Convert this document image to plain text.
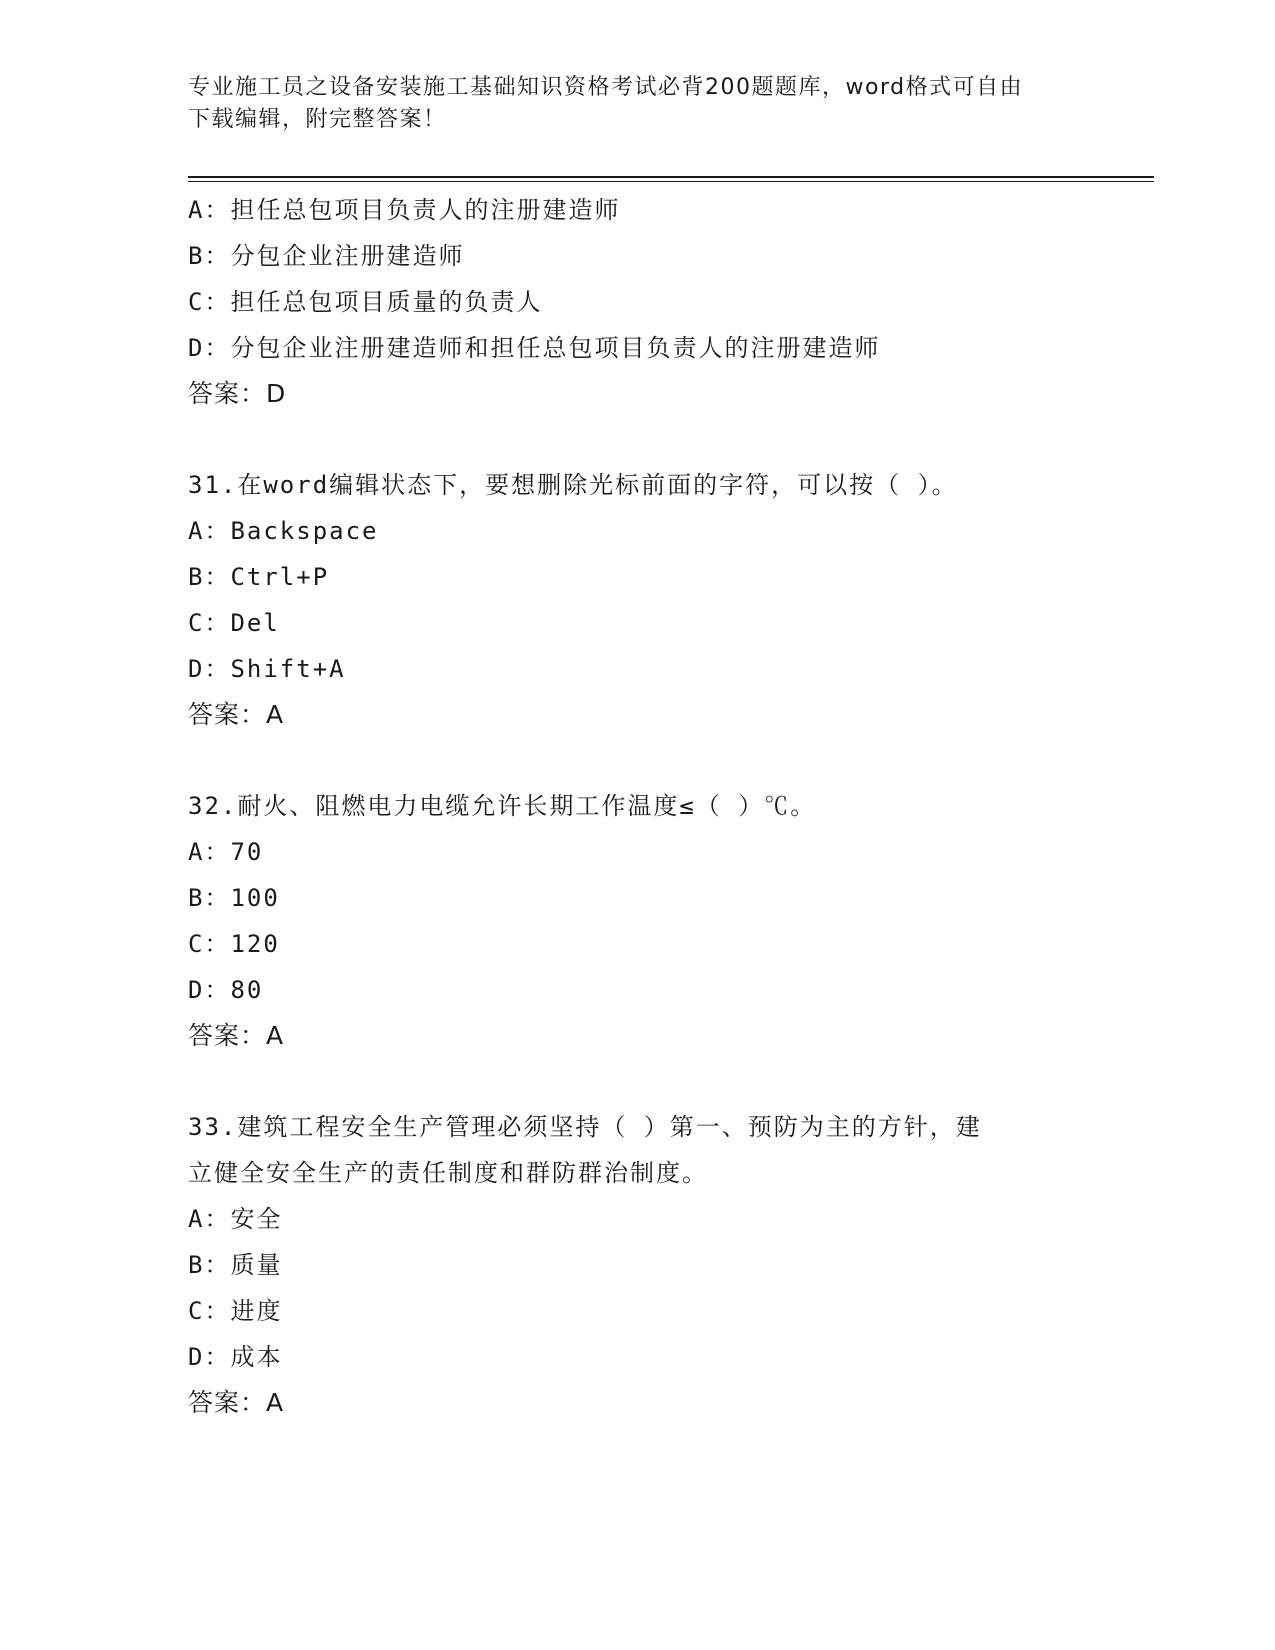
专业施工员之设备安装施工基础知识资格考试必背200题题库，word格式可自由
下载编辑，附完整答案！
A：担任总包项目负责人的注册建造师
B：分包企业注册建造师
C：担任总包项目质量的负责人
D：分包企业注册建造师和担任总包项目负责人的注册建造师
答案：D
31.在word编辑状态下，要想删除光标前面的字符，可以按（ ）。
A：Backspace
B：Ctrl+P
C：Del
D：Shift+A
答案：A
32.耐火、阻燃电力电缆允许长期工作温度≤（ ）℃。
A：70
B：100
C：120
D：80
答案：A
33.建筑工程安全生产管理必须坚持（ ）第一、预防为主的方针，建
立健全安全生产的责任制度和群防群治制度。
A：安全
B：质量
C：进度
D：成本
答案：A
